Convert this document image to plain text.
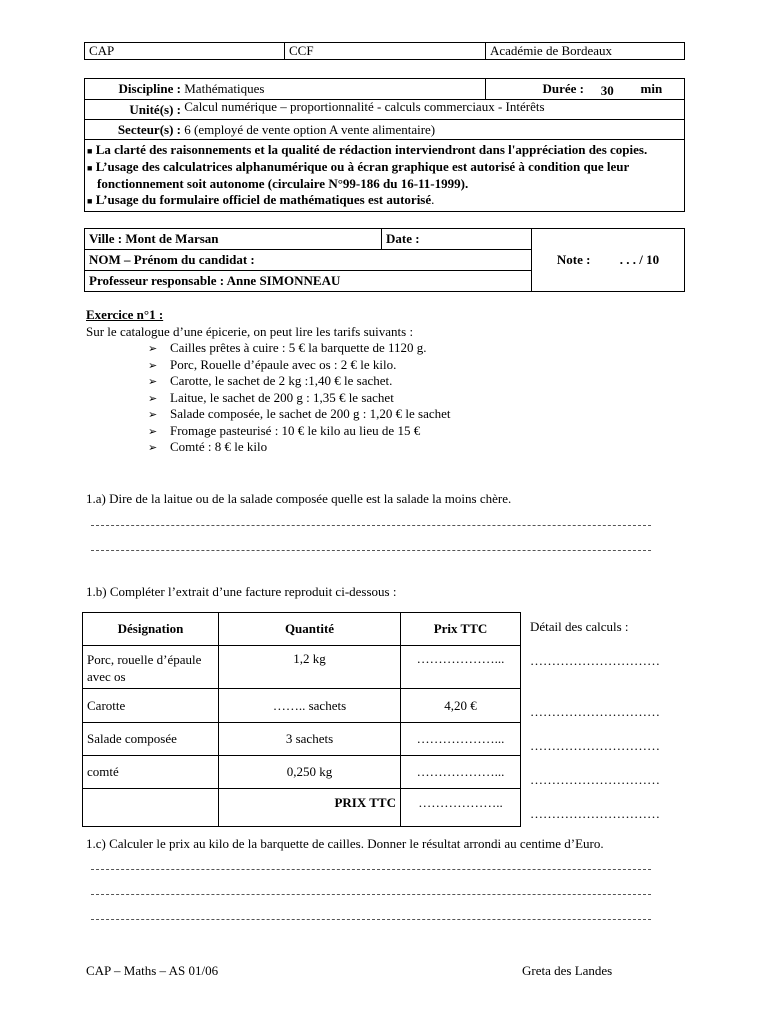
CAP	CCF	Académie de Bordeaux
Discipline : Mathématiques	Durée : 30 min
Unité(s) : Calcul numérique – proportionnalité - calculs commerciaux - Intérêts
Secteur(s) : 6 (employé de vente option A vente alimentaire)

■ La clarté des raisonnements et la qualité de rédaction interviendront dans l'appréciation des copies.
■ L’usage des calculatrices alphanumérique ou à écran graphique est autorisé à condition que leur fonctionnement soit autonome (circulaire N°99-186 du 16-11-1999).
■ L’usage du formulaire officiel de mathématiques est autorisé.
Ville : Mont de Marsan	Date :	Note : . . . / 10
NOM – Prénom du candidat :
Professeur responsable : Anne SIMONNEAU
Exercice n°1 :
Sur le catalogue d’une épicerie, on peut lire les tarifs suivants :
➢ Cailles prêtes à cuire : 5 € la barquette de 1120 g.
➢ Porc, Rouelle d’épaule avec os : 2 € le kilo.
➢ Carotte, le sachet de 2 kg :1,40 € le sachet.
➢ Laitue, le sachet de 200 g : 1,35 € le sachet
➢ Salade composée, le sachet de 200 g : 1,20 € le sachet
➢ Fromage pasteurisé : 10 € le kilo au lieu de 15 €
➢ Comté : 8 € le kilo
1.a) Dire de la laitue ou de la salade composée quelle est la salade la moins chère.
1.b) Compléter l’extrait d’une facture reproduit ci-dessous :
Désignation	Quantité	Prix TTC
Porc, rouelle d’épaule avec os	1,2 kg	………………...
Carotte	…….. sachets	4,20 €
Salade composée	3 sachets	………………...
comté	0,250 kg	………………...
	PRIX TTC	………………..
Détail des calculs :
…………………………
…………………………
…………………………
…………………………
…………………………
1.c) Calculer le prix au kilo de la barquette de cailles. Donner le résultat arrondi au centime d’Euro.
CAP – Maths – AS 01/06	Greta des Landes
